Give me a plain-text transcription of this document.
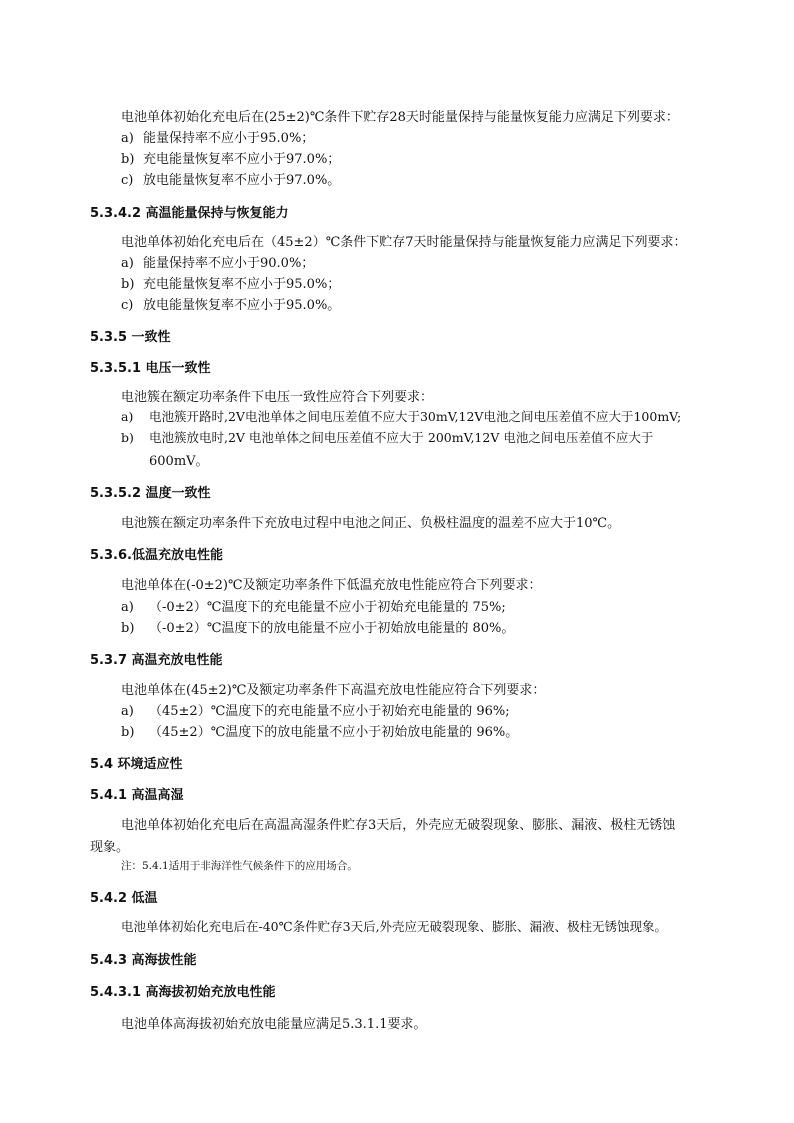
电池单体初始化充电后在(25±2)℃条件下贮存28天时能量保持与能量恢复能力应满足下列要求：
a) 能量保持率不应小于95.0%；
b) 充电能量恢复率不应小于97.0%；
c) 放电能量恢复率不应小于97.0%。
5.3.4.2 高温能量保持与恢复能力
电池单体初始化充电后在（45±2）℃条件下贮存7天时能量保持与能量恢复能力应满足下列要求：
a) 能量保持率不应小于90.0%；
b) 充电能量恢复率不应小于95.0%；
c) 放电能量恢复率不应小于95.0%。
5.3.5 一致性
5.3.5.1 电压一致性
电池簇在额定功率条件下电压一致性应符合下列要求：
a) 电池簇开路时,2V电池单体之间电压差值不应大于30mV,12V电池之间电压差值不应大于100mV;
b) 电池簇放电时,2V 电池单体之间电压差值不应大于 200mV,12V 电池之间电压差值不应大于
600mV。
5.3.5.2 温度一致性
电池簇在额定功率条件下充放电过程中电池之间正、负极柱温度的温差不应大于10℃。
5.3.6.低温充放电性能
电池单体在(-0±2)℃及额定功率条件下低温充放电性能应符合下列要求：
a) （-0±2）℃温度下的充电能量不应小于初始充电能量的 75%;
b) （-0±2）℃温度下的放电能量不应小于初始放电能量的 80%。
5.3.7 高温充放电性能
电池单体在(45±2)℃及额定功率条件下高温充放电性能应符合下列要求：
a) （45±2）℃温度下的充电能量不应小于初始充电能量的 96%;
b) （45±2）℃温度下的放电能量不应小于初始放电能量的 96%。
5.4 环境适应性
5.4.1 高温高湿
电池单体初始化充电后在高温高湿条件贮存3天后，外壳应无破裂现象、膨胀、漏液、极柱无锈蚀
现象。
注：5.4.1适用于非海洋性气候条件下的应用场合。
5.4.2 低温
电池单体初始化充电后在-40℃条件贮存3天后,外壳应无破裂现象、膨胀、漏液、极柱无锈蚀现象。
5.4.3 高海拔性能
5.4.3.1 高海拔初始充放电性能
电池单体高海拔初始充放电能量应满足5.3.1.1要求。
